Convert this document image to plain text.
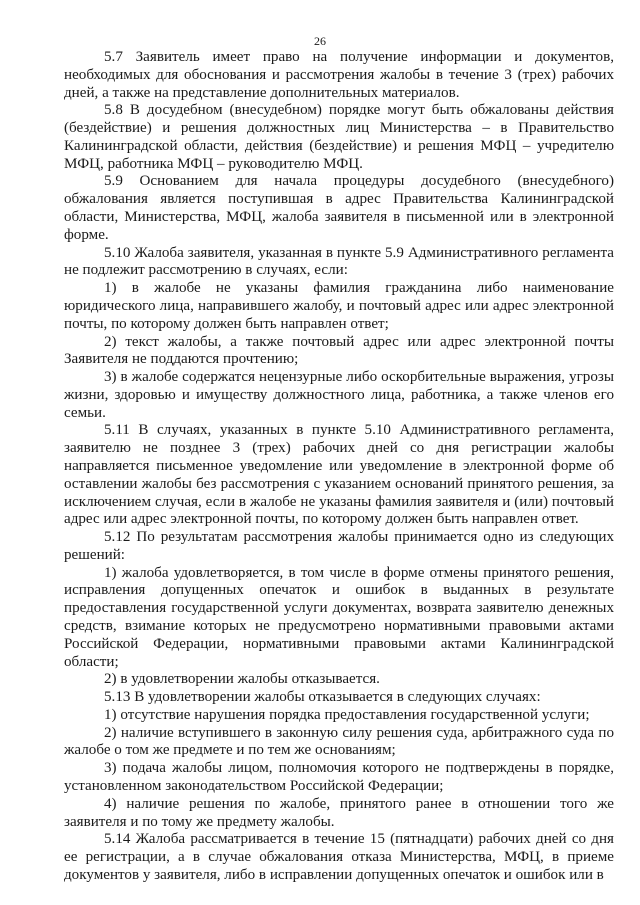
26

5.7 Заявитель имеет право на получение информации и документов, необходимых для обоснования и рассмотрения жалобы в течение 3 (трех) рабочих дней, а также на представление дополнительных материалов.

5.8 В досудебном (внесудебном) порядке могут быть обжалованы действия (бездействие) и решения должностных лиц Министерства – в Правительство Калининградской области, действия (бездействие) и решения МФЦ – учредителю МФЦ, работника МФЦ – руководителю МФЦ.

5.9 Основанием для начала процедуры досудебного (внесудебного) обжалования является поступившая в адрес Правительства Калининградской области, Министерства, МФЦ, жалоба заявителя в письменной или в электронной форме.

5.10 Жалоба заявителя, указанная в пункте 5.9 Административного регламента не подлежит рассмотрению в случаях, если:

1) в жалобе не указаны фамилия гражданина либо наименование юридического лица, направившего жалобу, и почтовый адрес или адрес электронной почты, по которому должен быть направлен ответ;

2) текст жалобы, а также почтовый адрес или адрес электронной почты Заявителя не поддаются прочтению;

3) в жалобе содержатся нецензурные либо оскорбительные выражения, угрозы жизни, здоровью и имуществу должностного лица, работника, а также членов его семьи.

5.11 В случаях, указанных в пункте 5.10 Административного регламента, заявителю не позднее 3 (трех) рабочих дней со дня регистрации жалобы направляется письменное уведомление или уведомление в электронной форме об оставлении жалобы без рассмотрения с указанием оснований принятого решения, за исключением случая, если в жалобе не указаны фамилия заявителя и (или) почтовый адрес или адрес электронной почты, по которому должен быть направлен ответ.

5.12 По результатам рассмотрения жалобы принимается одно из следующих решений:

1) жалоба удовлетворяется, в том числе в форме отмены принятого решения, исправления допущенных опечаток и ошибок в выданных в результате предоставления государственной услуги документах, возврата заявителю денежных средств, взимание которых не предусмотрено нормативными правовыми актами Российской Федерации, нормативными правовыми актами Калининградской области;

2) в удовлетворении жалобы отказывается.

5.13 В удовлетворении жалобы отказывается в следующих случаях:

1) отсутствие нарушения порядка предоставления государственной услуги;

2) наличие вступившего в законную силу решения суда, арбитражного суда по жалобе о том же предмете и по тем же основаниям;

3) подача жалобы лицом, полномочия которого не подтверждены в порядке, установленном законодательством Российской Федерации;

4) наличие решения по жалобе, принятого ранее в отношении того же заявителя и по тому же предмету жалобы.

5.14 Жалоба рассматривается в течение 15 (пятнадцати) рабочих дней со дня ее регистрации, а в случае обжалования отказа Министерства, МФЦ, в приеме документов у заявителя, либо в исправлении допущенных опечаток и ошибок или в
